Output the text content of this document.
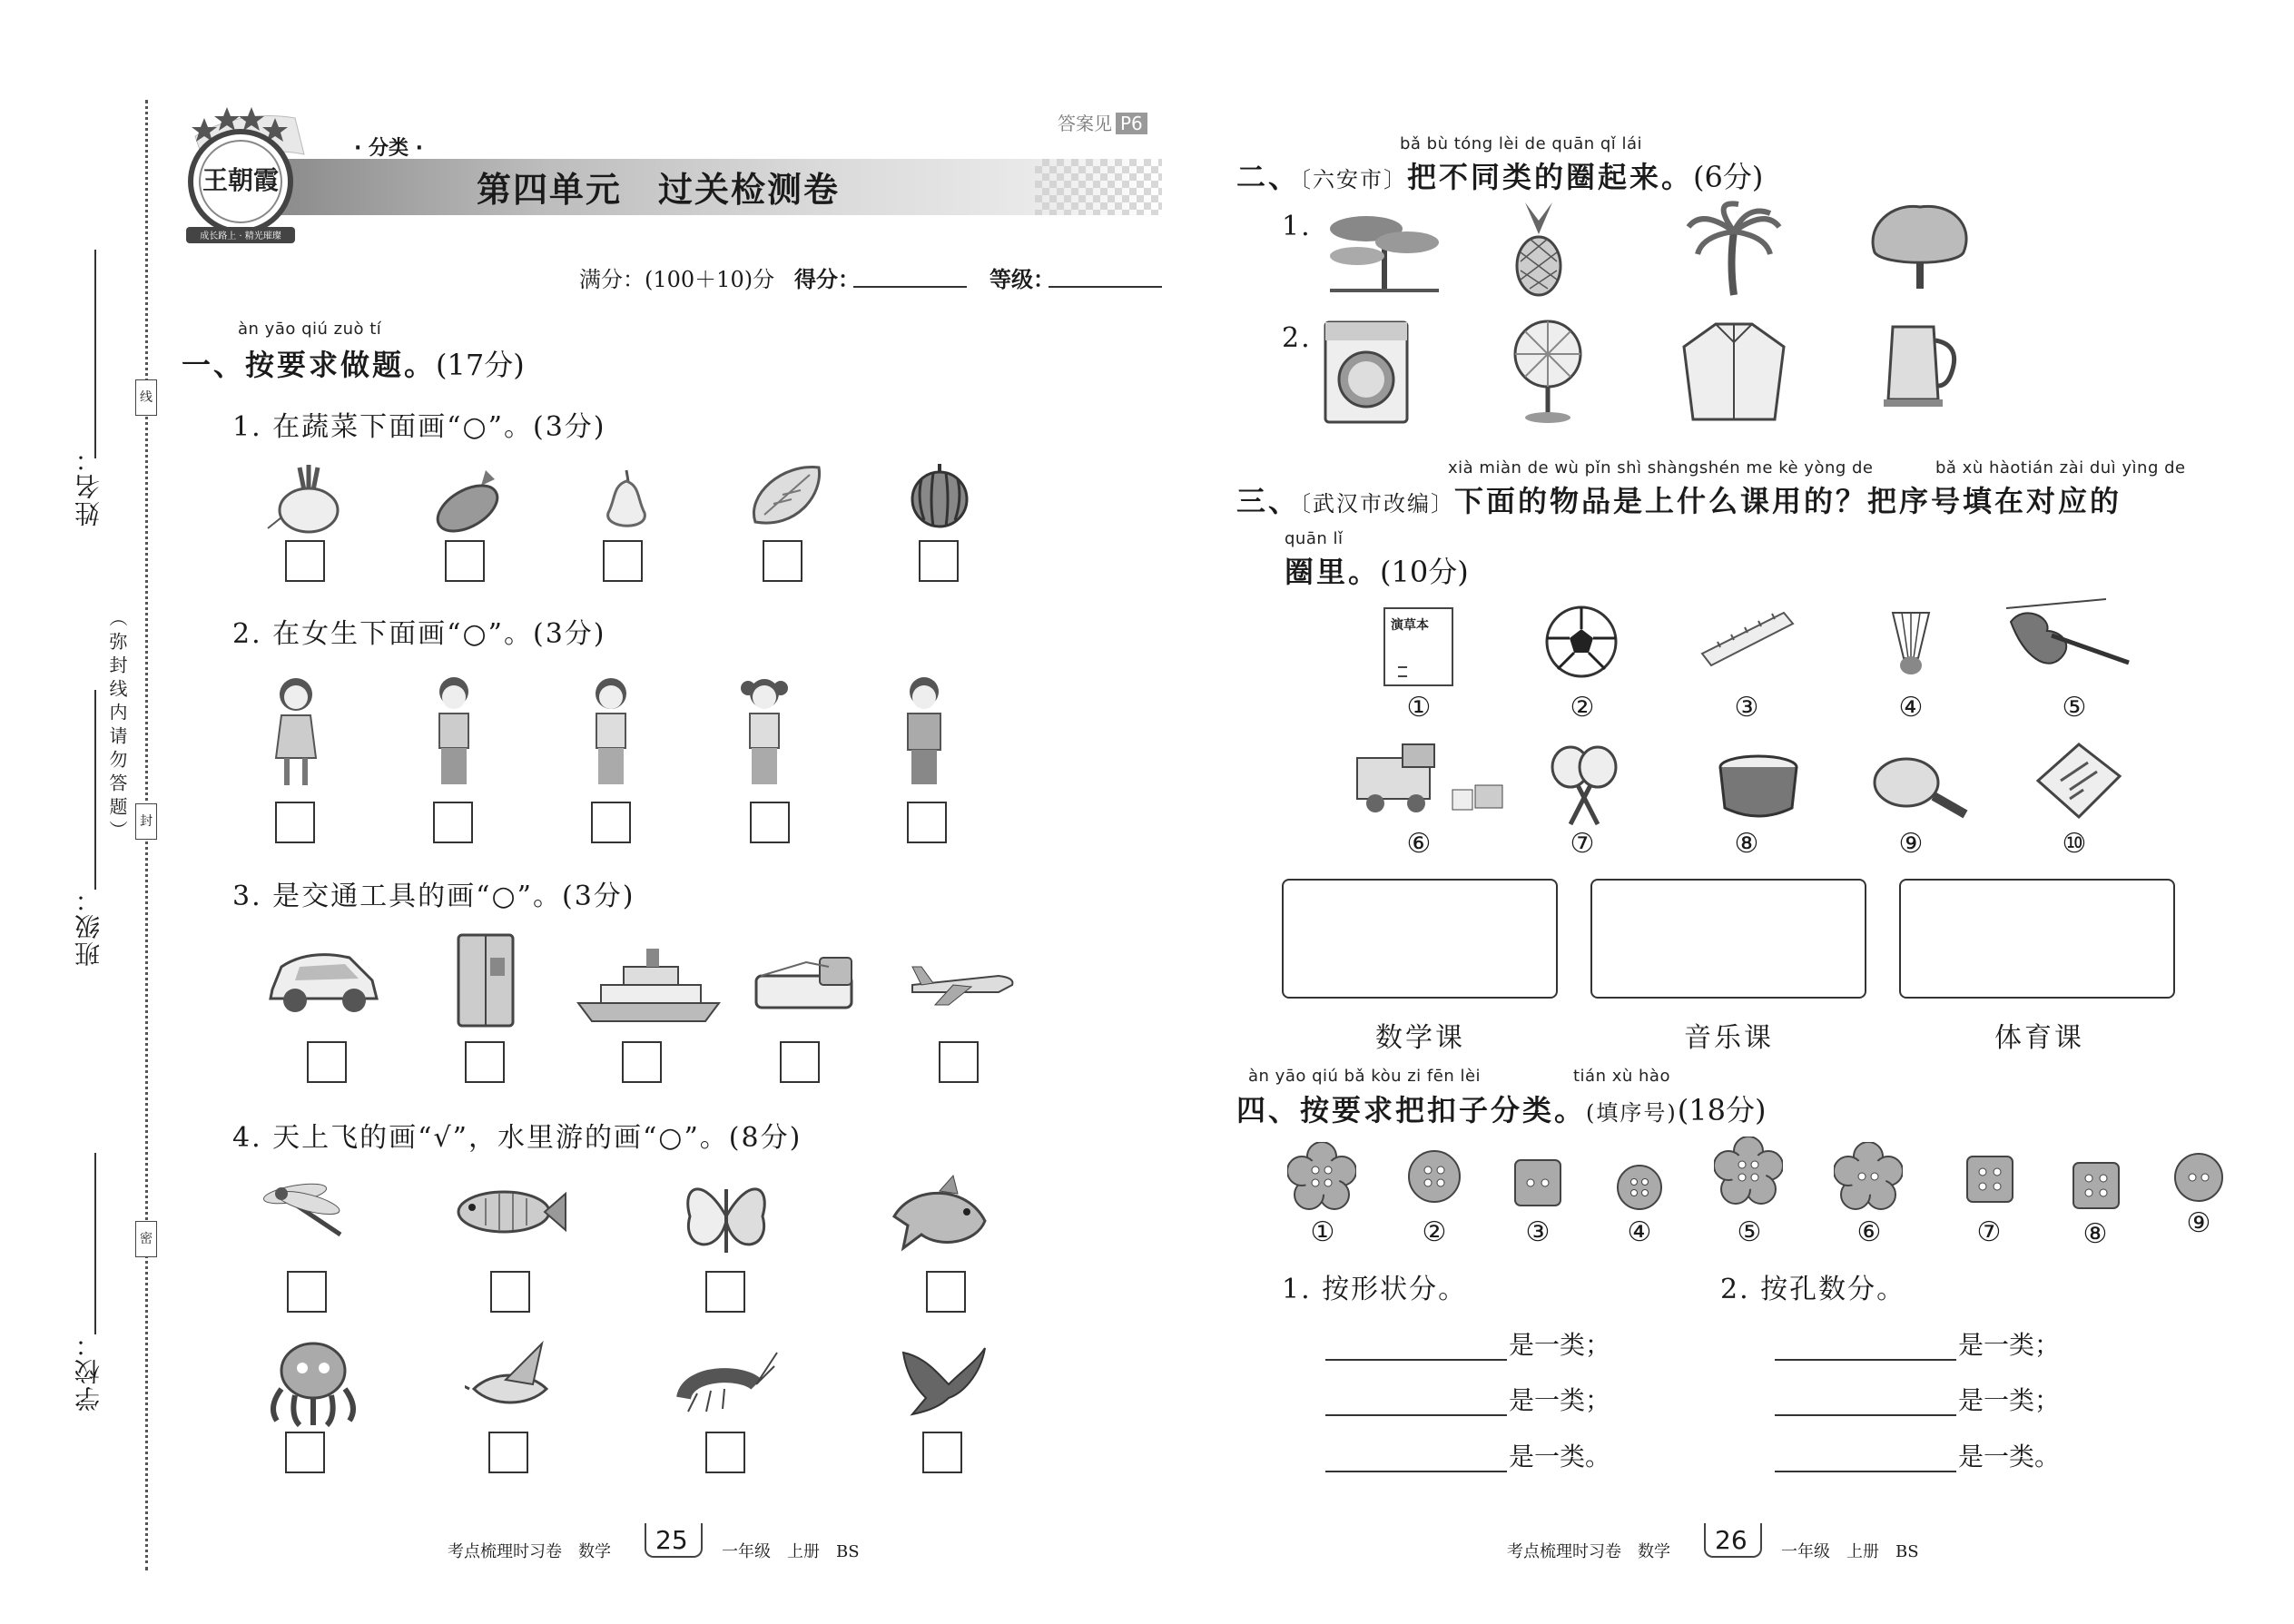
姓名：
班级：
学校：
线
封
密
（弥封线内请勿答题）
王朝霞
成长路上 · 精光璀璨
· 分类 ·
第四单元　过关检测卷
答案见 P6
满分：(100＋10)分 得分：	等级：
àn yāo qiú zuò tí
一、按要求做题。(17分)
1. 在蔬菜下面画“○”。(3分)
2. 在女生下面画“○”。(3分)
3. 是交通工具的画“○”。(3分)
4. 天上飞的画“√”，水里游的画“○”。(8分)
bǎ bù tóng lèi de quān qǐ lái
二、〔六安市〕把不同类的圈起来。(6分)
1.
2.
xià miàn de wù pǐn shì shàngshén me kè yòng de	bǎ xù hàotián zài duì yìng de
三、〔武汉市改编〕下面的物品是上什么课用的？把序号填在对应的
quān lǐ
圈里。(10分)
演草本
①	②	③	④	⑤
⑥	⑦	⑧	⑨	⑩
数学课	音乐课	体育课
àn yāo qiú bǎ kòu zi fēn lèi	tián xù hào
四、按要求把扣子分类。(填序号)(18分)
①	②	③	④	⑤	⑥	⑦	⑧	⑨
1. 按形状分。	2. 按孔数分。
是一类；
是一类；
是一类。
是一类；
是一类；
是一类。
考点梳理时习卷　数学 25 一年级　上册　BS	考点梳理时习卷　数学 26 一年级　上册　BS
